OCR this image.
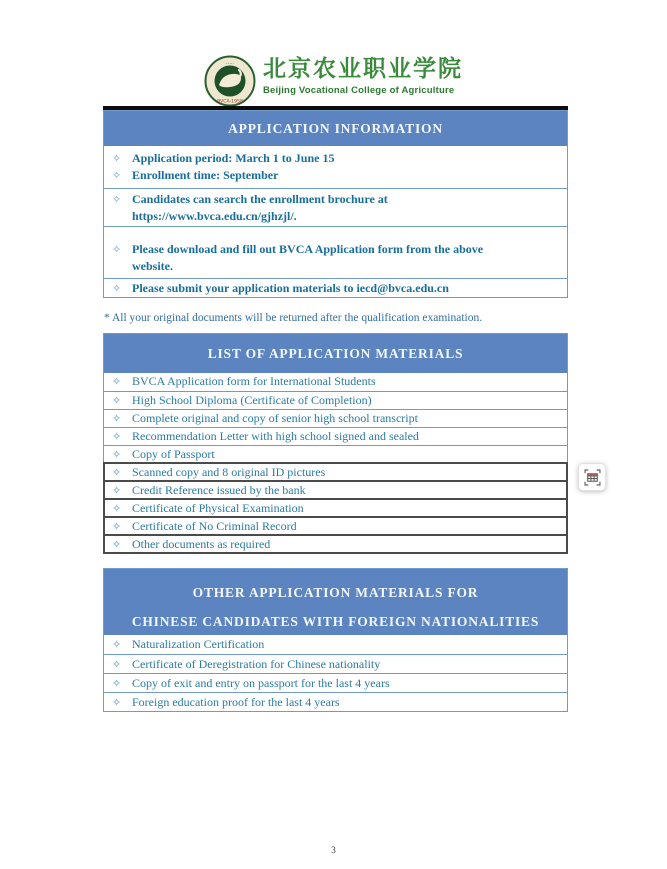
·····
BVCA-1958
北京农业职业学院
Beijing Vocational College of Agriculture
APPLICATION INFORMATION
✧ Application period: March 1 to June 15
✧ Enrollment time: September
✧ Candidates can search the enrollment brochure at
https://www.bvca.edu.cn/gjhzjl/.
✧ Please download and fill out BVCA Application form from the above
website.
✧ Please submit your application materials to iecd@bvca.edu.cn
* All your original documents will be returned after the qualification examination.
LIST OF APPLICATION MATERIALS
✧ BVCA Application form for International Students
✧ High School Diploma (Certificate of Completion)
✧ Complete original and copy of senior high school transcript
✧ Recommendation Letter with high school signed and sealed
✧ Copy of Passport
✧ Scanned copy and 8 original ID pictures
✧ Credit Reference issued by the bank
✧ Certificate of Physical Examination
✧ Certificate of No Criminal Record
✧ Other documents as required
OTHER APPLICATION MATERIALS FOR
CHINESE CANDIDATES WITH FOREIGN NATIONALITIES
✧ Naturalization Certification
✧ Certificate of Deregistration for Chinese nationality
✧ Copy of exit and entry on passport for the last 4 years
✧ Foreign education proof for the last 4 years
3
